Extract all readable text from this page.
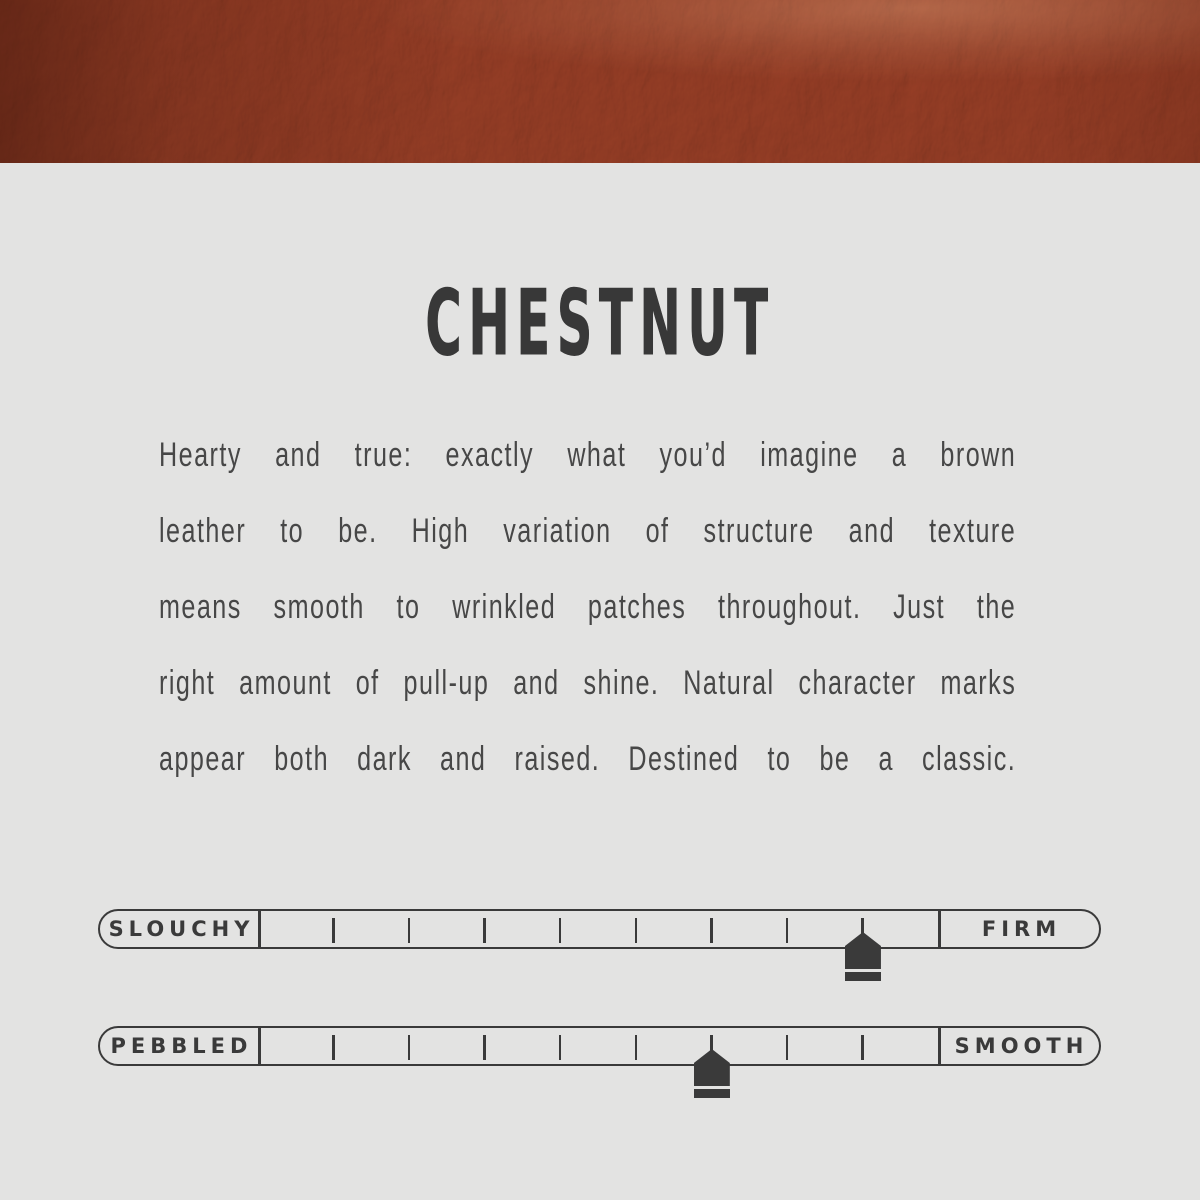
CHESTNUT
Hearty and true: exactly what you’d imagine a brown
leather to be. High variation of structure and texture
means smooth to wrinkled patches throughout. Just the
right amount of pull-up and shine. Natural character marks
appear both dark and raised. Destined to be a classic.
SLOUCHY	FIRM
PEBBLED	SMOOTH
